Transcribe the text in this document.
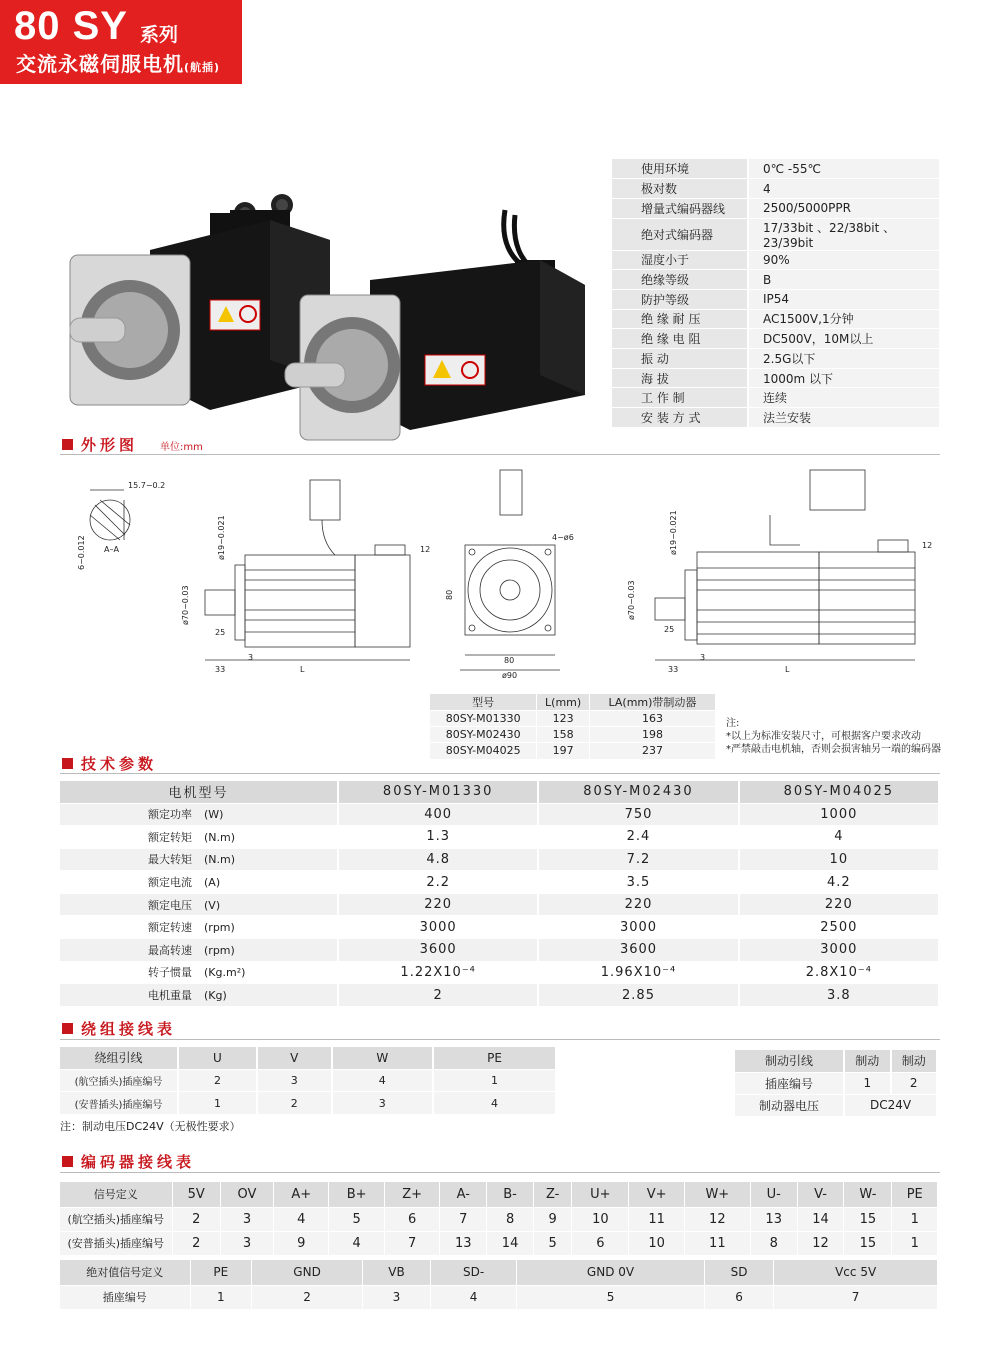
80 SY 系列
交流永磁伺服电机(航插)
使用环境	0℃ -55℃
极对数	4
增量式编码器线	2500/5000PPR
绝对式编码器	17/33bit 、22/38bit 、23/39bit
湿度小于	90%
绝缘等级	B
防护等级	IP54
绝 缘 耐 压	AC1500V,1分钟
绝 缘 电 阻	DC500V，10M以上
振 动	2.5G以下
海 拔	1000m 以下
工 作 制	连续
安 装 方 式	法兰安装
外形图 单位:mm
15.7−0.2
A–A
6−0.012
25
3
33	L
12
ø19−0.021
ø70−0.03
4−ø6
80
80
ø90
25
3
33	L
12
ø19−0.021
ø70−0.03
型号	L(mm)	LA(mm)带制动器
80SY-M01330	123	163
80SY-M02430	158	198
80SY-M04025	197	237
注:
*以上为标准安装尺寸，可根据客户要求改动
*严禁敲击电机轴，否则会损害轴另一端的编码器
技术参数
电机型号	80SY-M01330	80SY-M02430	80SY-M04025
额定功率 (W)	400	750	1000
额定转矩 (N.m)	1.3	2.4	4
最大转矩 (N.m)	4.8	7.2	10
额定电流 (A)	2.2	3.5	4.2
额定电压 (V)	220	220	220
额定转速 (rpm)	3000	3000	2500
最高转速 (rpm)	3600	3600	3000
转子惯量 (Kg.m²)	1.22X10⁻⁴	1.96X10⁻⁴	2.8X10⁻⁴
电机重量 (Kg)	2	2.85	3.8
绕组接线表
绕组引线	U	V	W	PE
(航空插头)插座编号	2	3	4	1
(安普插头)插座编号	1	2	3	4
制动引线	制动	制动
插座编号	1	2
制动器电压	DC24V	
注：制动电压DC24V（无极性要求）
编码器接线表
信号定义	5V	OV	A+	B+	Z+	A-	B-	Z-	U+	V+	W+	U-	V-	W-	PE
(航空插头)插座编号	2	3	4	5	6	7	8	9	10	11	12	13	14	15	1
(安普插头)插座编号	2	3	9	4	7	13	14	5	6	10	11	8	12	15	1
绝对值信号定义	PE	GND	VB	SD-	GND 0V	SD	Vcc 5V
插座编号	1	2	3	4	5	6	7
